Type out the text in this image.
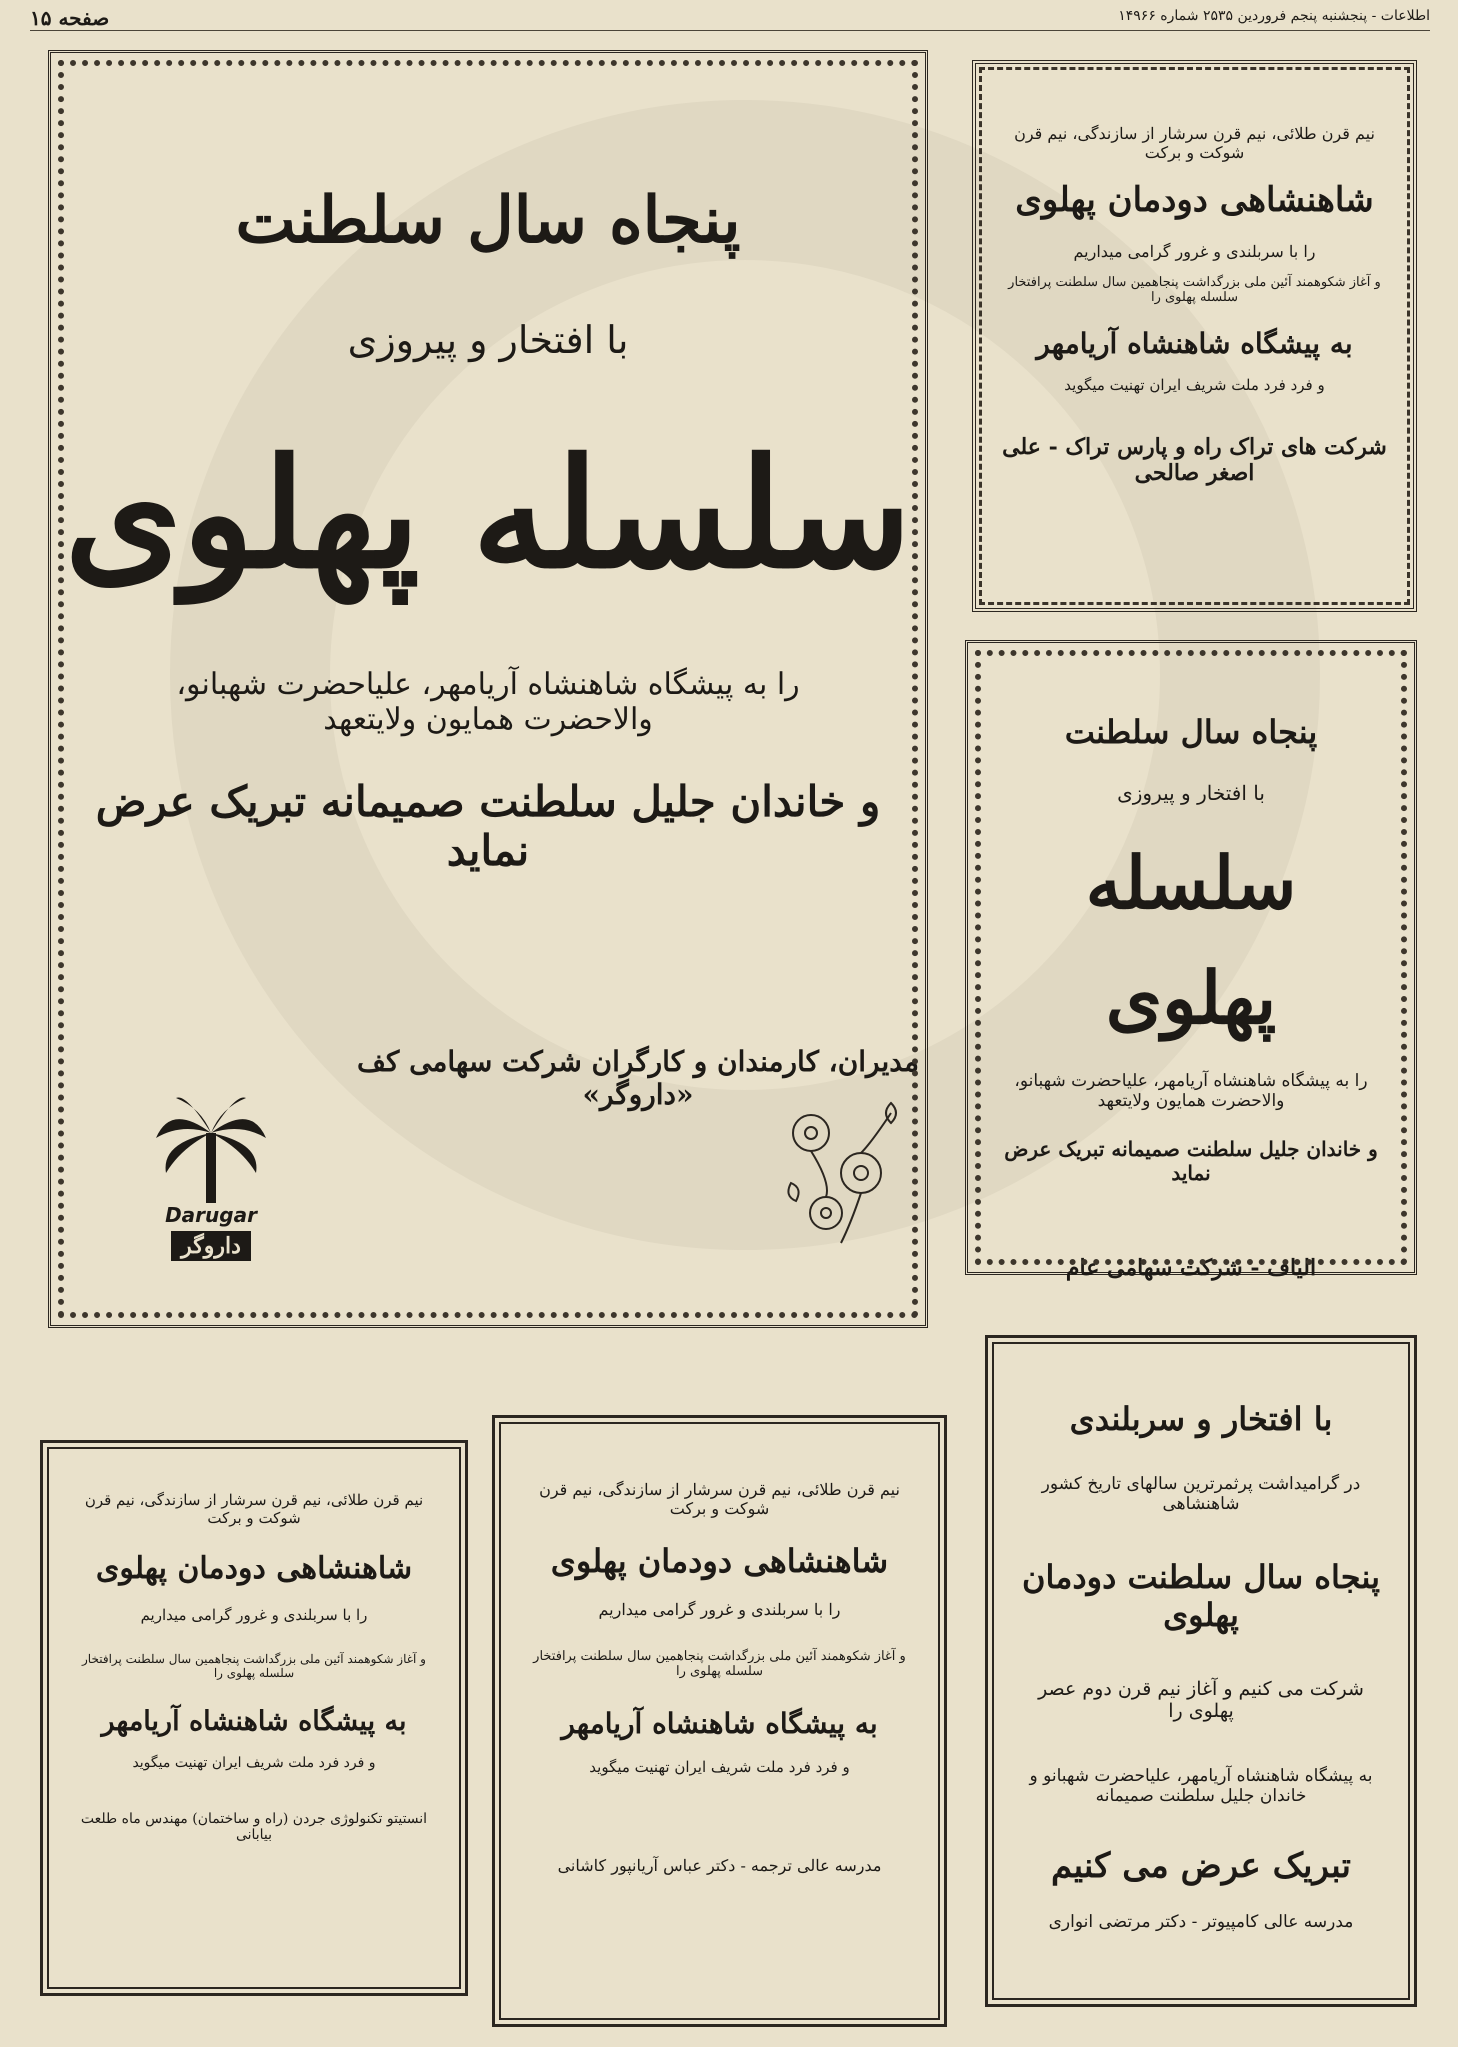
صفحه ۱۵	اطلاعات - پنجشنبه پنجم فروردین ۲۵۳۵ شماره ۱۴۹۶۶
پنجاه سال سلطنت
با افتخار و پیروزی
سلسله پهلوی
را به پیشگاه شاهنشاه آریامهر، علیاحضرت شهبانو، والاحضرت همایون ولایتعهد
و خاندان جلیل سلطنت صمیمانه تبریک عرض نماید
مدیران، کارمندان و کارگران شرکت سهامی کف «داروگر»
Darugar
داروگر
نیم قرن طلائی، نیم قرن سرشار از سازندگی، نیم قرن شوکت و برکت
شاهنشاهی دودمان پهلوی
را با سربلندی و غرور گرامی میداریم
و آغاز شکوهمند آئین ملی بزرگداشت پنجاهمین سال سلطنت پرافتخار سلسله پهلوی را
به پیشگاه شاهنشاه آریامهر
و فرد فرد ملت شریف ایران تهنیت میگوید
شرکت های تراک راه و پارس تراک - علی اصغر صالحی
پنجاه سال سلطنت
با افتخار و پیروزی
سلسله پهلوی
را به پیشگاه شاهنشاه آریامهر، علیاحضرت شهبانو، والاحضرت همایون ولایتعهد
و خاندان جلیل سلطنت صمیمانه تبریک عرض نماید
الیاف - شرکت سهامی عام
با افتخار و سربلندی
در گرامیداشت پرثمرترین سالهای تاریخ کشور شاهنشاهی
پنجاه سال سلطنت دودمان پهلوی
شرکت می کنیم و آغاز نیم قرن دوم عصر پهلوی را
به پیشگاه شاهنشاه آریامهر، علیاحضرت شهبانو و خاندان جلیل سلطنت صمیمانه
تبریک عرض می کنیم
مدرسه عالی کامپیوتر - دکتر مرتضی انواری
نیم قرن طلائی، نیم قرن سرشار از سازندگی، نیم قرن شوکت و برکت
شاهنشاهی دودمان پهلوی
را با سربلندی و غرور گرامی میداریم
و آغاز شکوهمند آئین ملی بزرگداشت پنجاهمین سال سلطنت پرافتخار سلسله پهلوی را
به پیشگاه شاهنشاه آریامهر
و فرد فرد ملت شریف ایران تهنیت میگوید
مدرسه عالی ترجمه - دکتر عباس آریانپور کاشانی
نیم قرن طلائی، نیم قرن سرشار از سازندگی، نیم قرن شوکت و برکت
شاهنشاهی دودمان پهلوی
را با سربلندی و غرور گرامی میداریم
و آغاز شکوهمند آئین ملی بزرگداشت پنجاهمین سال سلطنت پرافتخار سلسله پهلوی را
به پیشگاه شاهنشاه آریامهر
و فرد فرد ملت شریف ایران تهنیت میگوید
انستیتو تکنولوژی جردن (راه و ساختمان) مهندس ماه طلعت بیابانی
